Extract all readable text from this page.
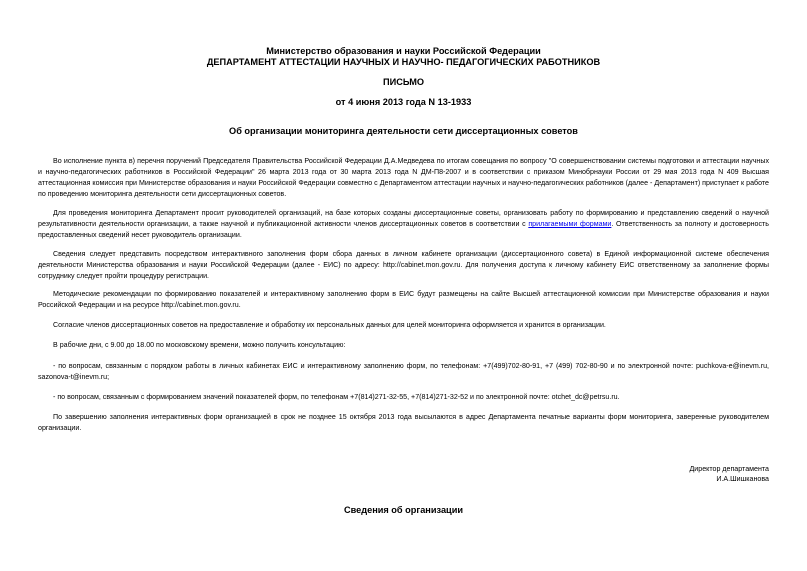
Министерство образования и науки Российской Федерации
ДЕПАРТАМЕНТ АТТЕСТАЦИИ НАУЧНЫХ И НАУЧНО- ПЕДАГОГИЧЕСКИХ РАБОТНИКОВ
ПИСЬМО
от 4 июня 2013 года N 13-1933
Об организации мониторинга деятельности сети диссертационных советов
Во исполнение пункта в) перечня поручений Председателя Правительства Российской Федерации Д.А.Медведева по итогам совещания по вопросу "О совершенствовании системы подготовки и аттестации научных и научно-педагогических работников в Российской Федерации" 26 марта 2013 года от 30 марта 2013 года N ДМ-П8-2007 и в соответствии с приказом Минобрнауки России от 29 мая 2013 года N 409 Высшая аттестационная комиссия при Министерстве образования и науки Российской Федерации совместно с Департаментом аттестации научных и научно-педагогических работников (далее - Департамент) приступает к работе по проведению мониторинга деятельности сети диссертационных советов.
Для проведения мониторинга Департамент просит руководителей организаций, на базе которых созданы диссертационные советы, организовать работу по формированию и представлению сведений о научной результативности деятельности организации, а также научной и публикационной активности членов диссертационных советов в соответствии с прилагаемыми формами. Ответственность за полноту и достоверность предоставленных сведений несет руководитель организации.
Сведения следует представить посредством интерактивного заполнения форм сбора данных в личном кабинете организации (диссертационного совета) в Единой информационной системе обеспечения деятельности Министерства образования и науки Российской Федерации (далее - ЕИС) по адресу: http://cabinet.mon.gov.ru. Для получения доступа к личному кабинету ЕИС ответственному за заполнение формы сотруднику следует пройти процедуру регистрации.
Методические рекомендации по формированию показателей и интерактивному заполнению форм в ЕИС будут размещены на сайте Высшей аттестационной комиссии при Министерстве образования и науки Российской Федерации и на ресурсе http://cabinet.mon.gov.ru.
Согласие членов диссертационных советов на предоставление и обработку их персональных данных для целей мониторинга оформляется и хранится в организации.
В рабочие дни, с 9.00 до 18.00 по московскому времени, можно получить консультацию:
- по вопросам, связанным с порядком работы в личных кабинетах ЕИС и интерактивному заполнению форм, по телефонам: +7(499)702-80-91, +7 (499) 702-80-90 и по электронной почте: puchkova-e@inevm.ru, sazonova-t@inevm.ru;
- по вопросам, связанным с формированием значений показателей форм, по телефонам +7(814)271-32-55, +7(814)271-32-52 и по электронной почте: otchet_dc@petrsu.ru.
По завершению заполнения интерактивных форм организацией в срок не позднее 15 октября 2013 года высылаются в адрес Департамента печатные варианты форм мониторинга, заверенные руководителем организации.
Директор департамента
И.А.Шишканова
Сведения об организации
